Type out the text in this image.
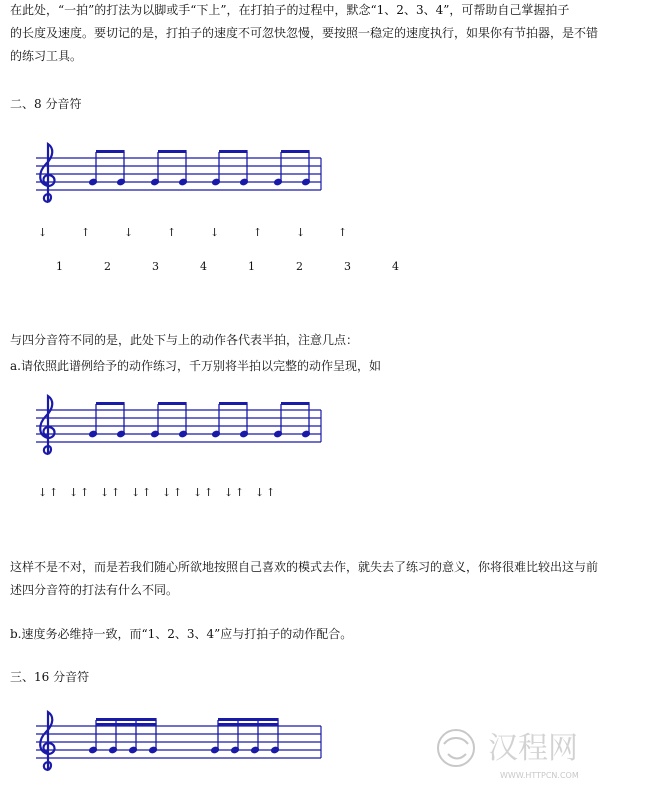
在此处，“一拍”的打法为以脚或手“下上”，在打拍子的过程中，默念“1、2、3、4”，可帮助自己掌握拍子
的长度及速度。要切记的是，打拍子的速度不可忽快忽慢，要按照一稳定的速度执行，如果你有节拍器，是不错
的练习工具。
二、8 分音符
↓	↑	↓	↑	↓	↑	↓	↑
1	2	3	4	1	2	3	4
与四分音符不同的是，此处下与上的动作各代表半拍，注意几点：
a.请依照此谱例给予的动作练习，千万别将半拍以完整的动作呈现，如
↓ ↑ ↓ ↑ ↓ ↑ ↓ ↑ ↓ ↑ ↓ ↑ ↓ ↑ ↓ ↑
这样不是不对，而是若我们随心所欲地按照自己喜欢的模式去作，就失去了练习的意义，你将很难比较出这与前
述四分音符的打法有什么不同。
b.速度务必维持一致，而“1、2、3、4”应与打拍子的动作配合。
三、16 分音符
汉程网
WWW.HTTPCN.COM
